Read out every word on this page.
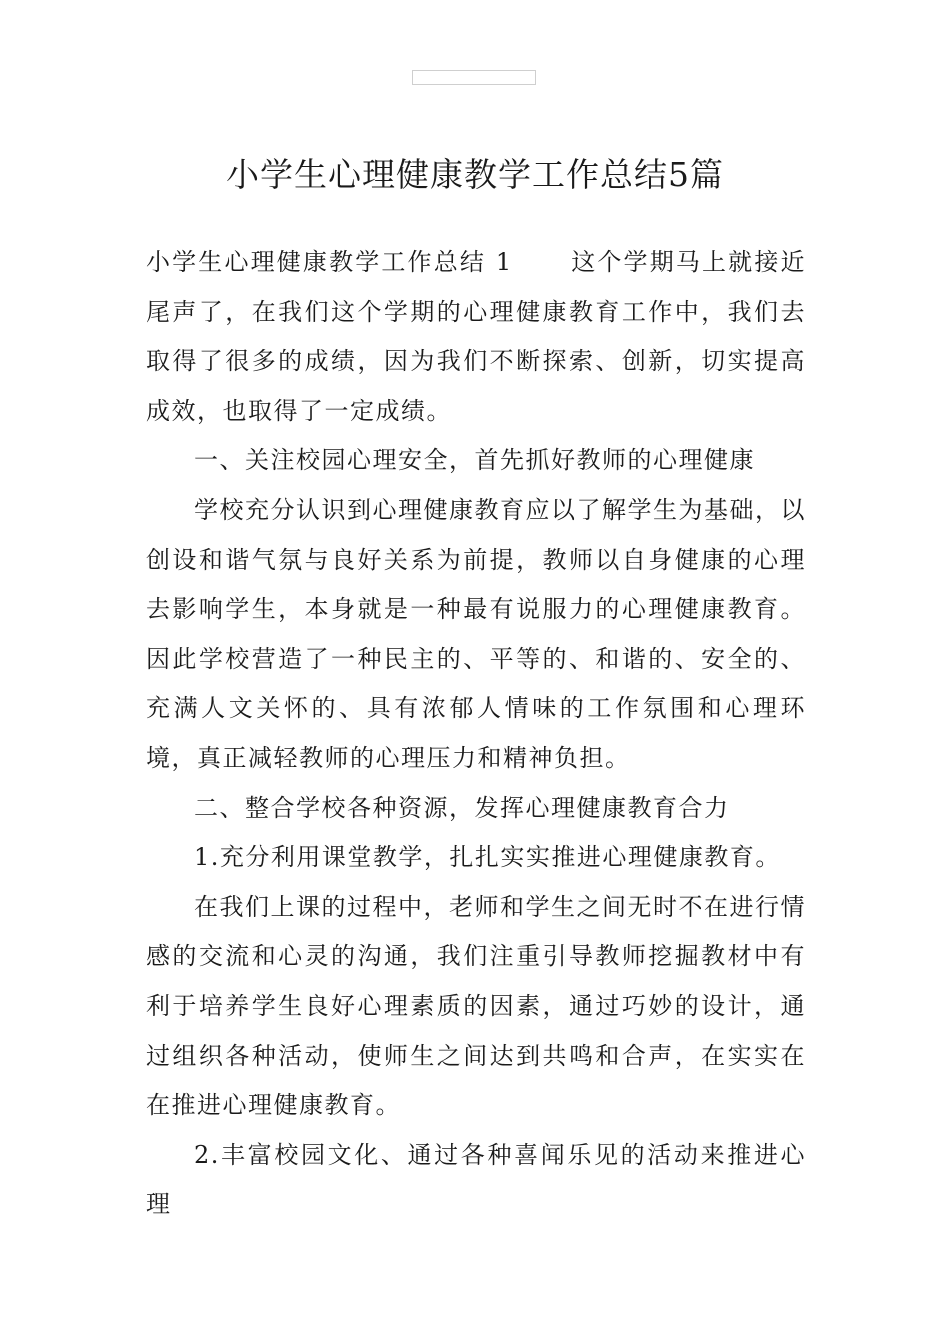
小学生心理健康教学工作总结5篇

小学生心理健康教学工作总结 1 这个学期马上就接近尾声了，在我们这个学期的心理健康教育工作中，我们去取得了很多的成绩，因为我们不断探索、创新，切实提高成效，也取得了一定成绩。

一、关注校园心理安全，首先抓好教师的心理健康

学校充分认识到心理健康教育应以了解学生为基础，以创设和谐气氛与良好关系为前提，教师以自身健康的心理去影响学生，本身就是一种最有说服力的心理健康教育。因此学校营造了一种民主的、平等的、和谐的、安全的、充满人文关怀的、具有浓郁人情味的工作氛围和心理环境，真正减轻教师的心理压力和精神负担。

二、整合学校各种资源，发挥心理健康教育合力

1.充分利用课堂教学，扎扎实实推进心理健康教育。

在我们上课的过程中，老师和学生之间无时不在进行情感的交流和心灵的沟通，我们注重引导教师挖掘教材中有利于培养学生良好心理素质的因素，通过巧妙的设计，通过组织各种活动，使师生之间达到共鸣和合声，在实实在在推进心理健康教育。

2.丰富校园文化、通过各种喜闻乐见的活动来推进心理
